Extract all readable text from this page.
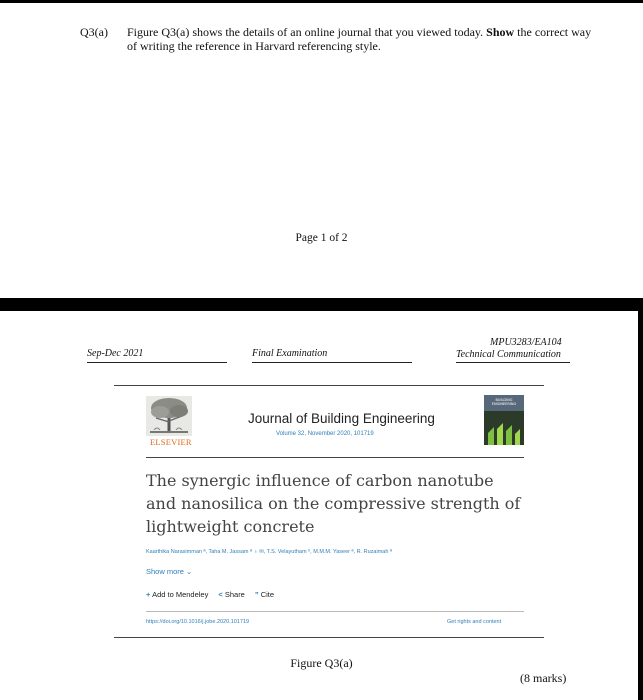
Q3(a) Figure Q3(a) shows the details of an online journal that you viewed today. Show the correct way of writing the reference in Harvard referencing style.
Page 1 of 2
Sep-Dec 2021	Final Examination
MPU3283/EA104
Technical Communication
ELSEVIER
Journal of Building Engineering
Volume 32, November 2020, 101719
BUILDING ENGINEERING
The synergic influence of carbon nanotube and nanosilica on the compressive strength of lightweight concrete
Kaarthika Narasimman ª, Taha M. Jassam ª ♁ ✉, T.S. Velayutham ᵇ, M.M.M. Yaseer ª, R. Ruzaimah ª
Show more ⌄
+ Add to Mendeley < Share ” Cite
https://doi.org/10.1016/j.jobe.2020.101719	Get rights and content
Figure Q3(a)
(8 marks)
